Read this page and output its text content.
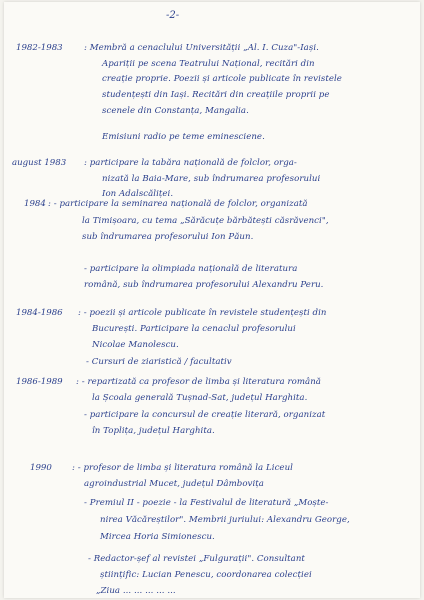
-2-
1982-1983 : Membră a cenaclului Universității „Al. I. Cuza"-Iași.
Apariții pe scena Teatrului Național, recitări din
creație proprie. Poezii și articole publicate în revistele
studențești din Iași. Recitări din creațiile proprii pe
scenele din Constanța, Mangalia.
Emisiuni radio pe teme eminesciene.
august 1983 : participare la tabăra națională de folclor, orga-
nizată la Baia-Mare, sub îndrumarea profesorului
Ion Adalscăliței.
1984 : - participare la seminarea națională de folclor, organizată
la Timișoara, cu tema „Sărăcuțe bărbătești căsrăvenci",
sub îndrumarea profesorului Ion Păun.
- participare la olimpiada națională de literatura
română, sub îndrumarea profesorului Alexandru Peru.
1984-1986 : - poezii și articole publicate în revistele studențești din
București. Participare la cenaclul profesorului
Nicolae Manolescu.
- Cursuri de ziaristică / facultativ
1986-1989 : - repartizată ca profesor de limba și literatura română
la Școala generală Tușnad-Sat, județul Harghita.
- participare la concursul de creație literară, organizat
în Toplița, județul Harghita.
1990 : - profesor de limba și literatura română la Liceul
agroindustrial Mucet, județul Dâmbovița
- Premiul II - poezie - la Festivalul de literatură „Moște-
nirea Văcăreștilor". Membrii juriului: Alexandru George,
Mircea Horia Simionescu.
- Redactor-șef al revistei „Fulgurații". Consultant
științific: Lucian Penescu, coordonarea colecției
„Ziua ... ... ... ... ...
